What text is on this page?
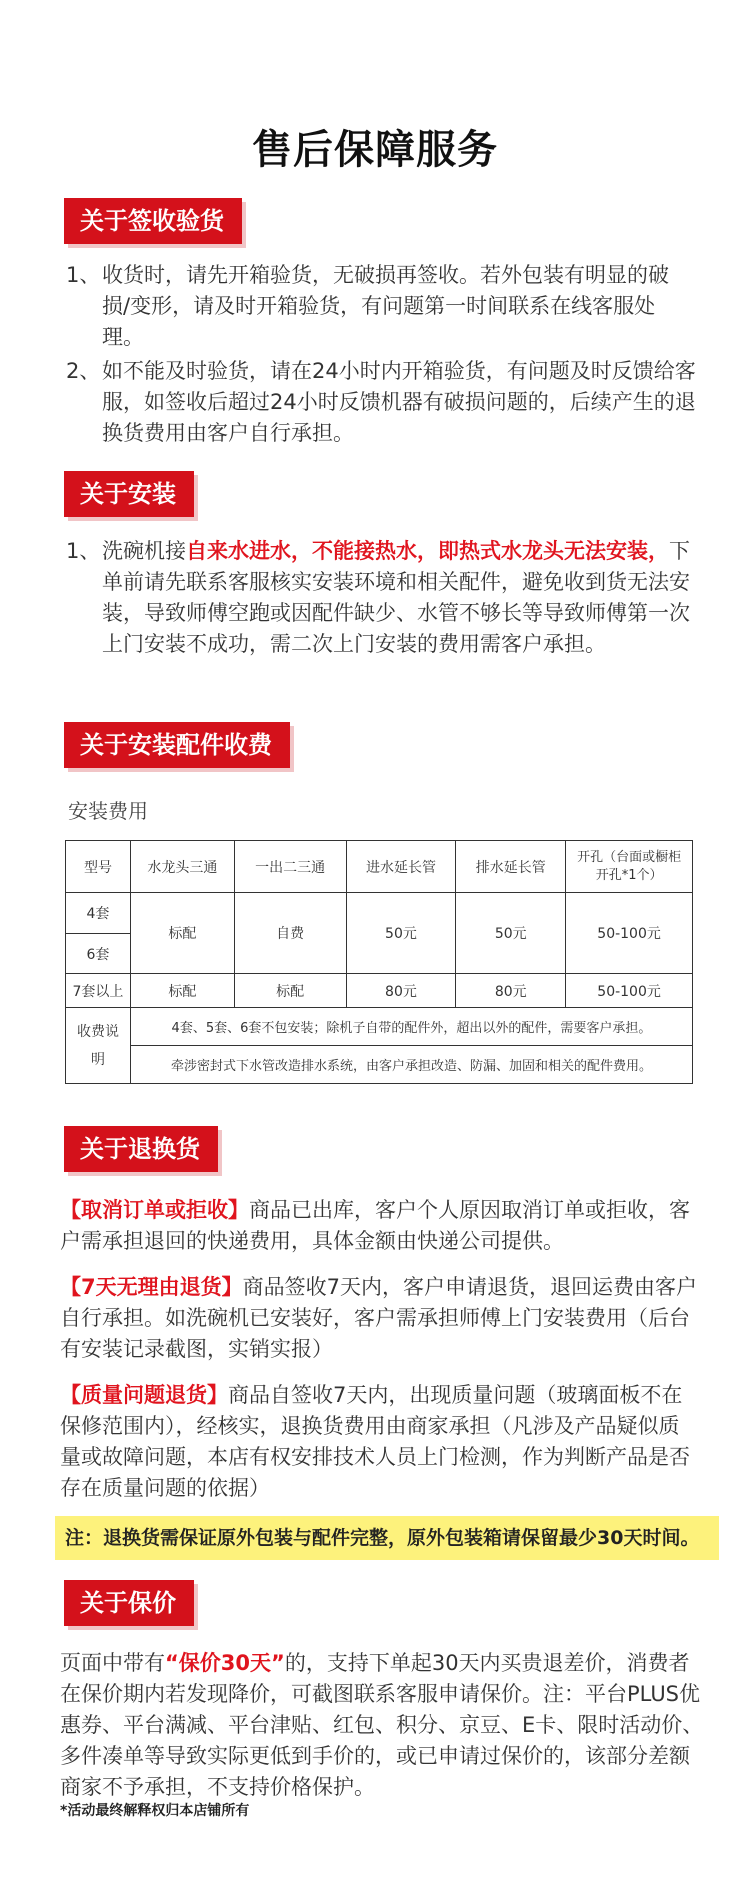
售后保障服务
关于签收验货
1、 收货时，请先开箱验货，无破损再签收。若外包装有明显的破损/变形，请及时开箱验货，有问题第一时间联系在线客服处理。
2、 如不能及时验货，请在24小时内开箱验货，有问题及时反馈给客服，如签收后超过24小时反馈机器有破损问题的，后续产生的退换货费用由客户自行承担。
关于安装
1、 洗碗机接自来水进水，不能接热水，即热式水龙头无法安装，下单前请先联系客服核实安装环境和相关配件，避免收到货无法安装，导致师傅空跑或因配件缺少、水管不够长等导致师傅第一次上门安装不成功，需二次上门安装的费用需客户承担。
关于安装配件收费
安装费用
型号	水龙头三通	一出二三通	进水延长管	排水延长管	开孔（台面或橱柜开孔*1个）
4套	标配	自费	50元	50元	50-100元
6套					
7套以上	标配	标配	80元	80元	50-100元
收费说明	4套、5套、6套不包安装；除机子自带的配件外，超出以外的配件，需要客户承担。				
	牵涉密封式下水管改造排水系统，由客户承担改造、防漏、加固和相关的配件费用。				
关于退换货
【取消订单或拒收】商品已出库，客户个人原因取消订单或拒收，客户需承担退回的快递费用，具体金额由快递公司提供。
【7天无理由退货】商品签收7天内，客户申请退货，退回运费由客户自行承担。如洗碗机已安装好，客户需承担师傅上门安装费用（后台有安装记录截图，实销实报）
【质量问题退货】商品自签收7天内，出现质量问题（玻璃面板不在保修范围内），经核实，退换货费用由商家承担（凡涉及产品疑似质量或故障问题，本店有权安排技术人员上门检测，作为判断产品是否存在质量问题的依据）
注：退换货需保证原外包装与配件完整，原外包装箱请保留最少30天时间。
关于保价
页面中带有“保价30天”的，支持下单起30天内买贵退差价，消费者在保价期内若发现降价，可截图联系客服申请保价。注：平台PLUS优惠券、平台满减、平台津贴、红包、积分、京豆、E卡、限时活动价、多件凑单等导致实际更低到手价的，或已申请过保价的，该部分差额商家不予承担，不支持价格保护。
*活动最终解释权归本店铺所有
